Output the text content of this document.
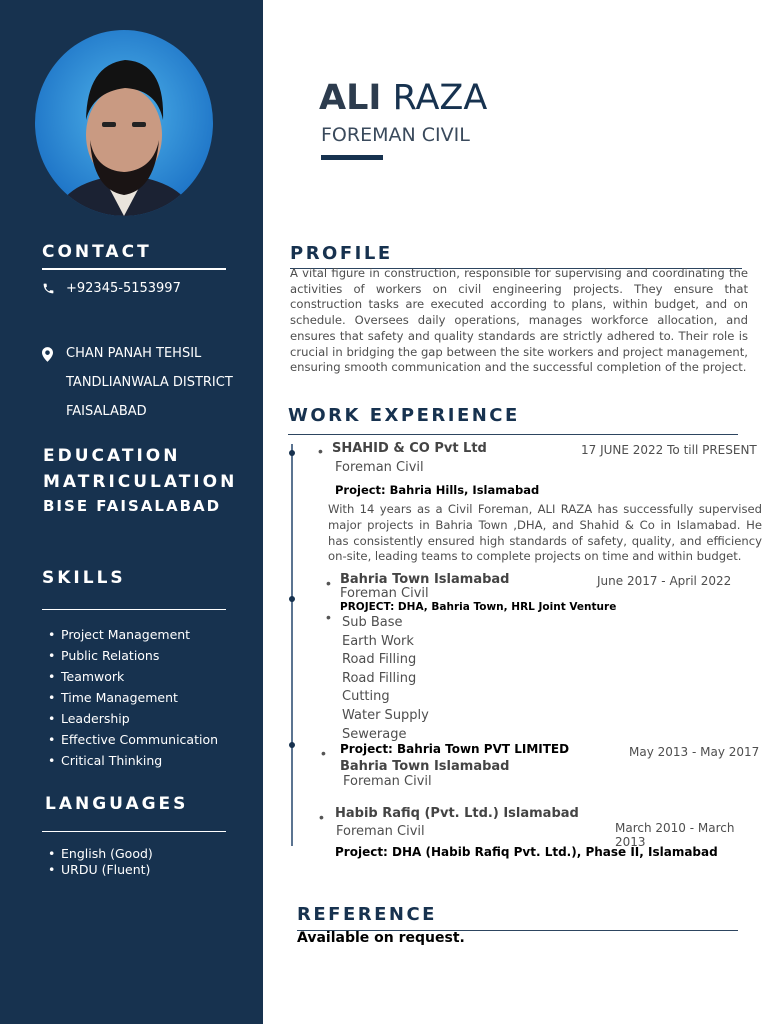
CONTACT
+92345-5153997
CHAN PANAH TEHSIL
TANDLIANWALA DISTRICT
FAISALABAD
EDUCATION
MATRICULATION
BISE FAISALABAD
SKILLS
• Project Management
• Public Relations
• Teamwork
• Time Management
• Leadership
• Effective Communication
• Critical Thinking
LANGUAGES
• English (Good)
• URDU (Fluent)
ALI RAZA
FOREMAN CIVIL
PROFILE
A vital figure in construction, responsible for supervising and coordinating the activities of workers on civil engineering projects. They ensure that construction tasks are executed according to plans, within budget, and on schedule. Oversees daily operations, manages workforce allocation, and ensures that safety and quality standards are strictly adhered to. Their role is crucial in bridging the gap between the site workers and project management, ensuring smooth communication and the successful completion of the project.
WORK EXPERIENCE
• SHAHID & CO Pvt Ltd	17 JUNE 2022 To till PRESENT
Foreman Civil
Project: Bahria Hills, Islamabad
With 14 years as a Civil Foreman, ALI RAZA has successfully supervised major projects in Bahria Town ,DHA, and Shahid & Co in Islamabad. He has consistently ensured high standards of safety, quality, and efficiency on-site, leading teams to complete projects on time and within budget.
• Bahria Town Islamabad	June 2017 - April 2022
Foreman Civil
PROJECT: DHA, Bahria Town, HRL Joint Venture
• Sub Base
Earth Work
Road Filling
Road Filling
Cutting
Water Supply
Sewerage
• Project: Bahria Town PVT LIMITED	May 2013 - May 2017
Bahria Town Islamabad
Foreman Civil
• Habib Rafiq (Pvt. Ltd.) Islamabad
March 2010 - March 2013
Foreman Civil
Project: DHA (Habib Rafiq Pvt. Ltd.), Phase II, Islamabad
REFERENCE
Available on request.
